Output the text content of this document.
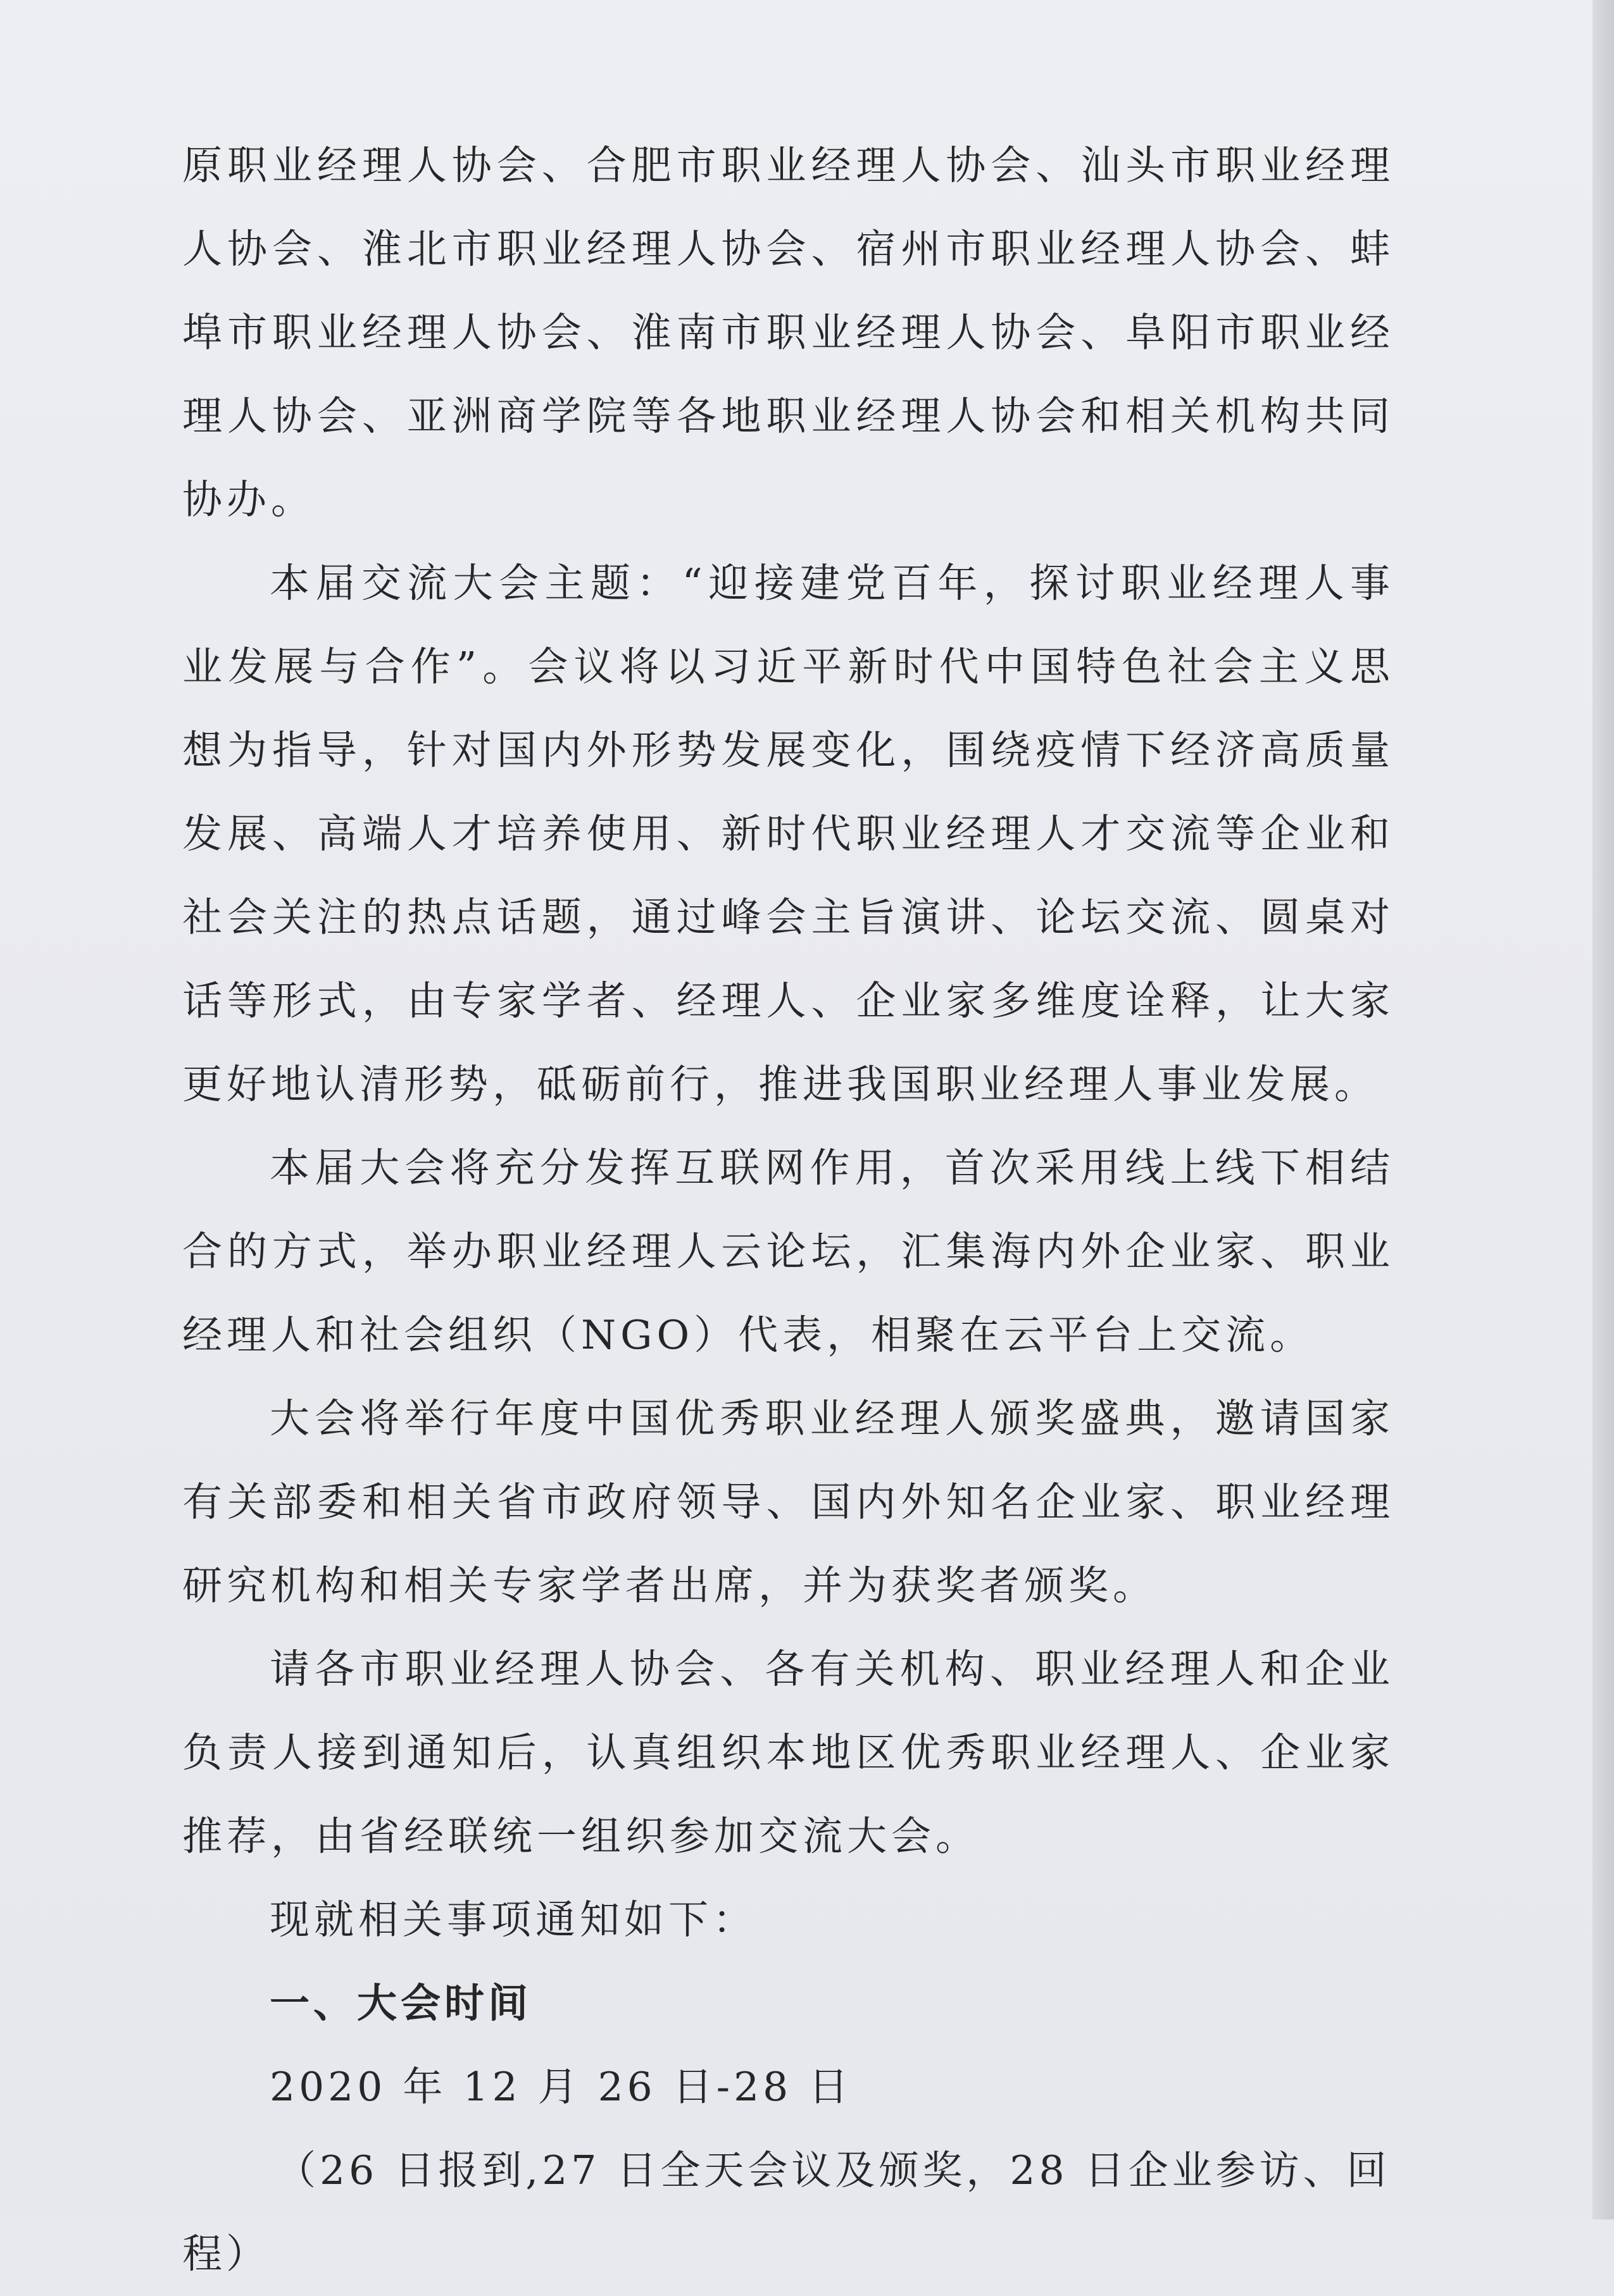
原职业经理人协会、合肥市职业经理人协会、汕头市职业经理人协会、淮北市职业经理人协会、宿州市职业经理人协会、蚌埠市职业经理人协会、淮南市职业经理人协会、阜阳市职业经理人协会、亚洲商学院等各地职业经理人协会和相关机构共同协办。

本届交流大会主题：“迎接建党百年，探讨职业经理人事业发展与合作”。会议将以习近平新时代中国特色社会主义思想为指导，针对国内外形势发展变化，围绕疫情下经济高质量发展、高端人才培养使用、新时代职业经理人才交流等企业和社会关注的热点话题，通过峰会主旨演讲、论坛交流、圆桌对话等形式，由专家学者、经理人、企业家多维度诠释，让大家更好地认清形势，砥砺前行，推进我国职业经理人事业发展。

本届大会将充分发挥互联网作用，首次采用线上线下相结合的方式，举办职业经理人云论坛，汇集海内外企业家、职业经理人和社会组织（NGO）代表，相聚在云平台上交流。

大会将举行年度中国优秀职业经理人颁奖盛典，邀请国家有关部委和相关省市政府领导、国内外知名企业家、职业经理研究机构和相关专家学者出席，并为获奖者颁奖。

请各市职业经理人协会、各有关机构、职业经理人和企业负责人接到通知后，认真组织本地区优秀职业经理人、企业家推荐，由省经联统一组织参加交流大会。

现就相关事项通知如下：

一、大会时间

2020 年 12 月 26 日-28 日

（26 日报到,27 日全天会议及颁奖，28 日企业参访、回程）
